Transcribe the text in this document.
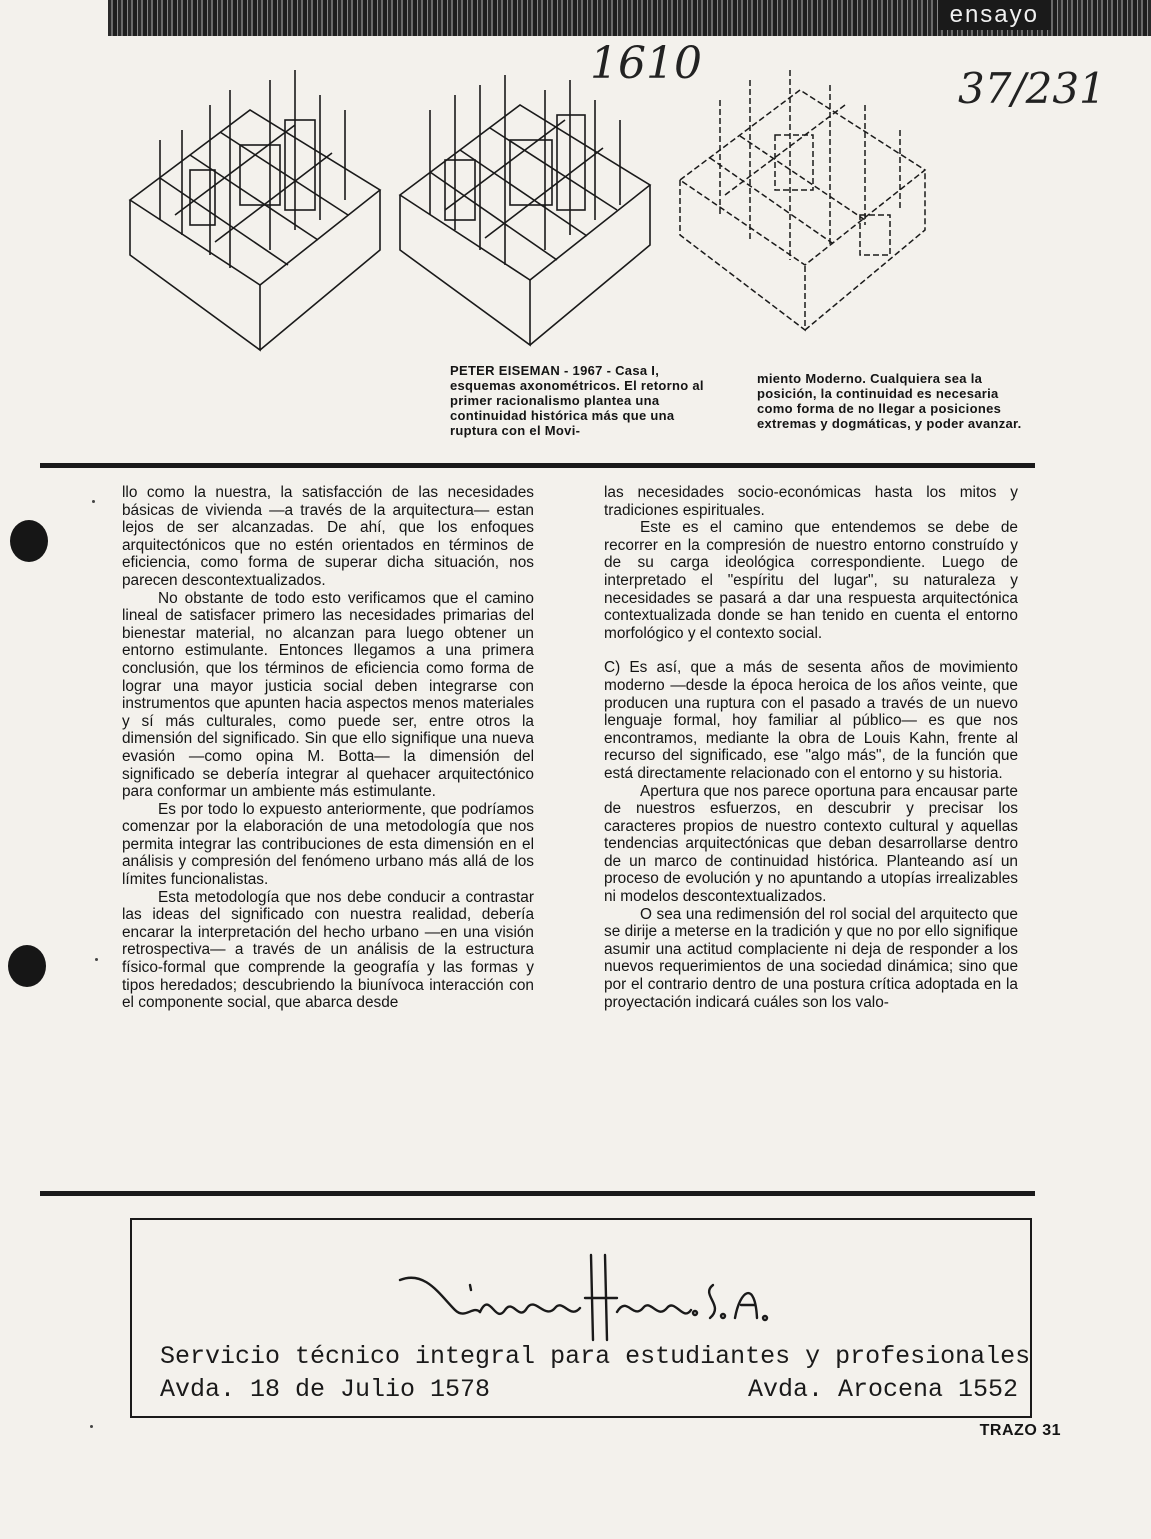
ensayo
1610	37/231
PETER EISEMAN - 1967 - Casa I, esquemas axonométricos. El retorno al primer racionalismo plantea una continuidad histórica más que una ruptura con el Movi-
miento Moderno. Cualquiera sea la posición, la continuidad es necesaria como forma de no llegar a posiciones extremas y dogmáticas, y poder avanzar.

llo como la nuestra, la satisfacción de las necesidades básicas de vivienda —a través de la arquitectura— estan lejos de ser alcanzadas. De ahí, que los enfoques arquitectónicos que no estén orientados en términos de eficiencia, como forma de superar dicha situación, nos parecen descontextualizados.

No obstante de todo esto verificamos que el camino lineal de satisfacer primero las necesidades primarias del bienestar material, no alcanzan para luego obtener un entorno estimulante. Entonces llegamos a una primera conclusión, que los términos de eficiencia como forma de lograr una mayor justicia social deben integrarse con instrumentos que apunten hacia aspectos menos materiales y sí más culturales, como puede ser, entre otros la dimensión del significado. Sin que ello signifique una nueva evasión —como opina M. Botta— la dimensión del significado se debería integrar al quehacer arquitectónico para conformar un ambiente más estimulante.

Es por todo lo expuesto anteriormente, que podríamos comenzar por la elaboración de una metodología que nos permita integrar las contribuciones de esta dimensión en el análisis y compresión del fenómeno urbano más allá de los límites funcionalistas.

Esta metodología que nos debe conducir a contrastar las ideas del significado con nuestra realidad, debería encarar la interpretación del hecho urbano —en una visión retrospectiva— a través de un análisis de la estructura físico-formal que comprende la geografía y las formas y tipos heredados; descubriendo la biunívoca interacción con el componente social, que abarca desde

las necesidades socio-económicas hasta los mitos y tradiciones espirituales.

Este es el camino que entendemos se debe de recorrer en la compresión de nuestro entorno construído y de su carga ideológica correspondiente. Luego de interpretado el "espíritu del lugar", su naturaleza y necesidades se pasará a dar una respuesta arquitectónica contextualizada donde se han tenido en cuenta el entorno morfológico y el contexto social.

C) Es así, que a más de sesenta años de movimiento moderno —desde la época heroica de los años veinte, que producen una ruptura con el pasado a través de un nuevo lenguaje formal, hoy familiar al público— es que nos encontramos, mediante la obra de Louis Kahn, frente al recurso del significado, ese "algo más", de la función que está directamente relacionado con el entorno y su historia.

Apertura que nos parece oportuna para encausar parte de nuestros esfuerzos, en descubrir y precisar los caracteres propios de nuestro contexto cultural y aquellas tendencias arquitectónicas que deban desarrollarse dentro de un marco de continuidad histórica. Planteando así un proceso de evolución y no apuntando a utopías irrealizables ni modelos descontextualizados.

O sea una redimensión del rol social del arquitecto que se dirije a meterse en la tradición y que no por ello signifique asumir una actitud complaciente ni deja de responder a los nuevos requerimientos de una sociedad dinámica; sino que por el contrario dentro de una postura crítica adoptada en la proyectación indicará cuáles son los valo-

Servicio técnico integral para estudiantes y profesionales
Avda. 18 de Julio 1578	Avda. Arocena 1552
TRAZO 31
